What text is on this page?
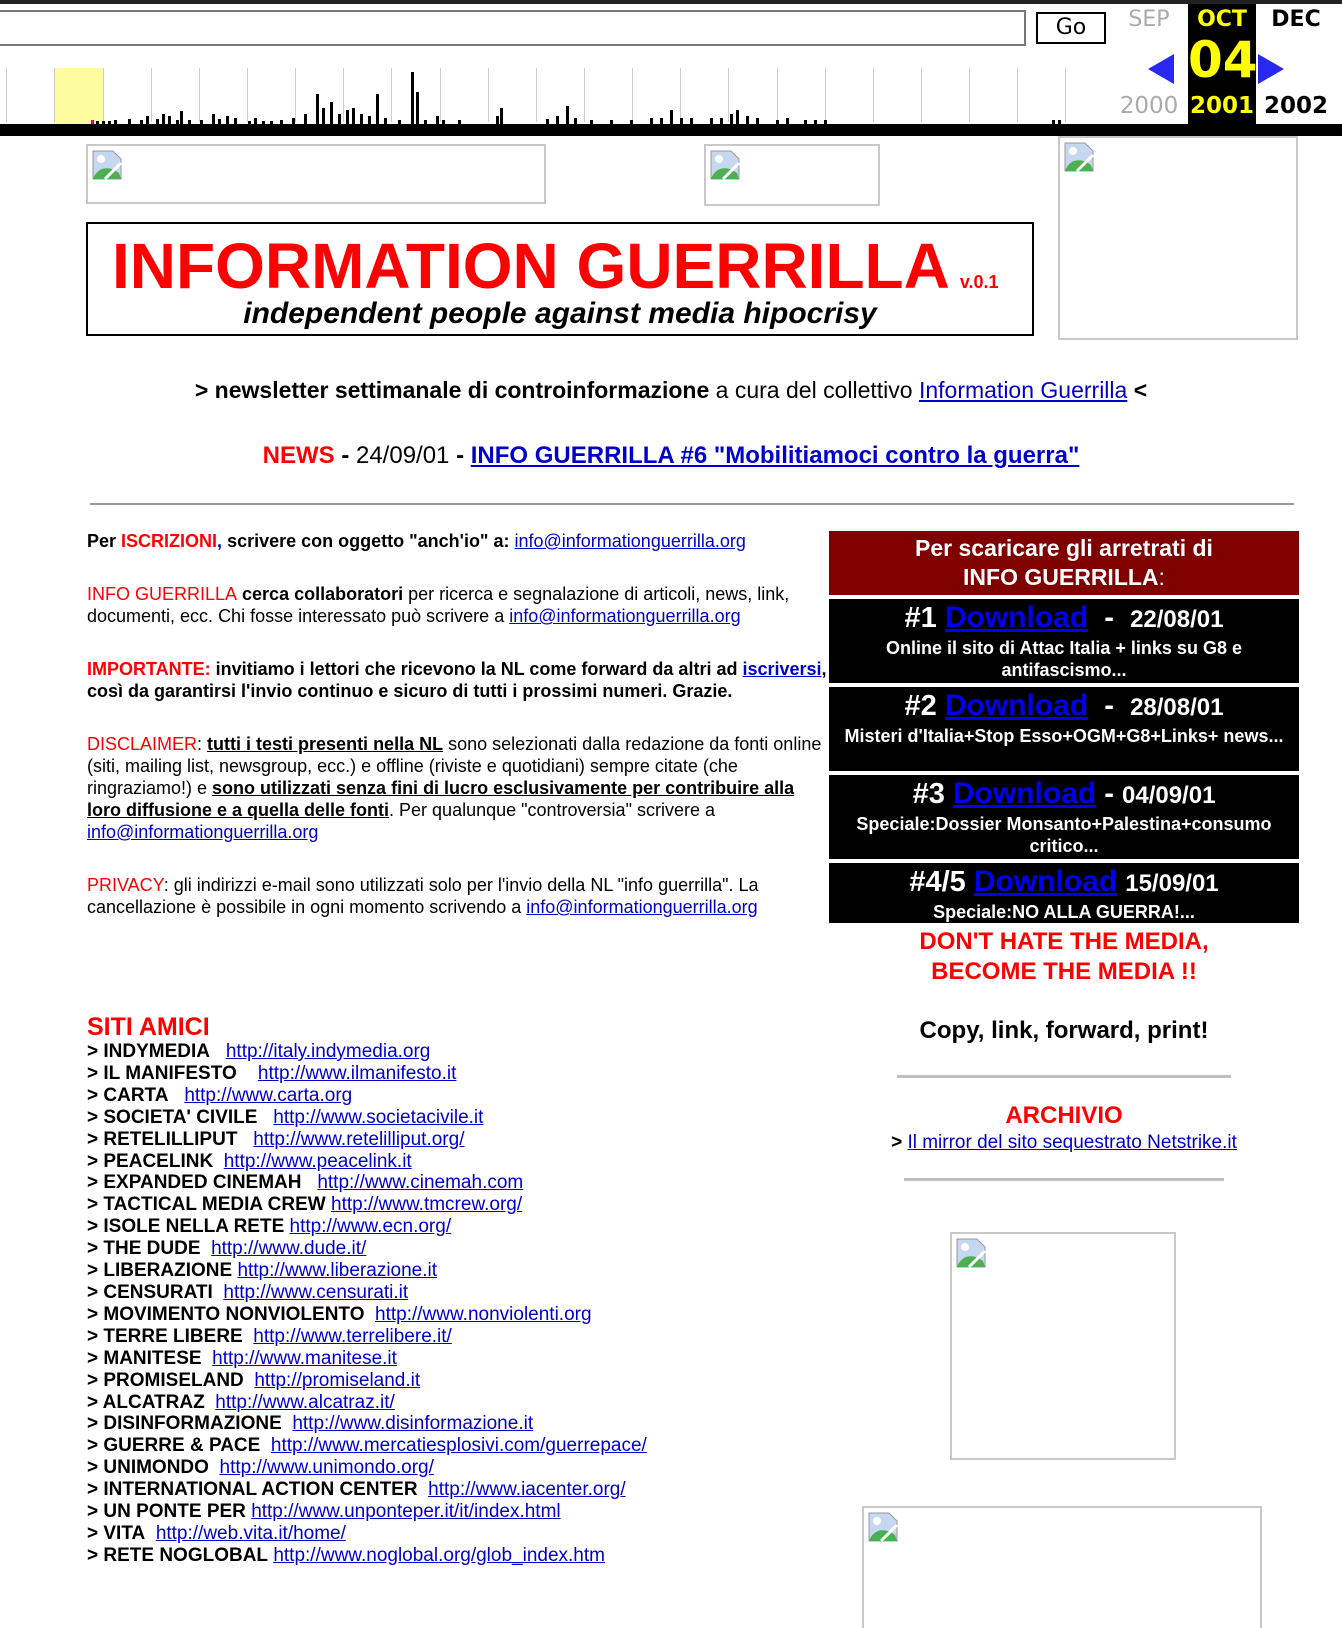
Go	SEP
2000
OCT
04
2001
DEC
2002
INFORMATION GUERRILLA v.0.1
independent people against media hipocrisy
> newsletter settimanale di controinformazione a cura del collettivo Information Guerrilla <
NEWS - 24/09/01 - INFO GUERRILLA #6 "Mobilitiamoci contro la guerra"

Per ISCRIZIONI, scrivere con oggetto "anch'io" a: info@informationguerrilla.org

INFO GUERRILLA cerca collaboratori per ricerca e segnalazione di articoli, news, link, documenti, ecc. Chi fosse interessato può scrivere a info@informationguerrilla.org

IMPORTANTE: invitiamo i lettori che ricevono la NL come forward da altri ad iscriversi, così da garantirsi l'invio continuo e sicuro di tutti i prossimi numeri. Grazie.

DISCLAIMER: tutti i testi presenti nella NL sono selezionati dalla redazione da fonti online (siti, mailing list, newsgroup, ecc.) e offline (riviste e quotidiani) sempre citate (che ringraziamo!) e sono utilizzati senza fini di lucro esclusivamente per contribuire alla loro diffusione e a quella delle fonti. Per qualunque "controversia" scrivere a info@informationguerrilla.org

PRIVACY: gli indirizzi e-mail sono utilizzati solo per l'invio della NL "info guerrilla". La cancellazione è possibile in ogni momento scrivendo a info@informationguerrilla.org

SITI AMICI
> INDYMEDIA http://italy.indymedia.org
> IL MANIFESTO http://www.ilmanifesto.it
> CARTA http://www.carta.org
> SOCIETA' CIVILE http://www.societacivile.it
> RETELILLIPUT http://www.retelilliput.org/
> PEACELINK http://www.peacelink.it
> EXPANDED CINEMAH http://www.cinemah.com
> TACTICAL MEDIA CREW http://www.tmcrew.org/
> ISOLE NELLA RETE http://www.ecn.org/
> THE DUDE http://www.dude.it/
> LIBERAZIONE http://www.liberazione.it
> CENSURATI http://www.censurati.it
> MOVIMENTO NONVIOLENTO http://www.nonviolenti.org
> TERRE LIBERE http://www.terrelibere.it/
> MANITESE http://www.manitese.it
> PROMISELAND http://promiseland.it
> ALCATRAZ http://www.alcatraz.it/
> DISINFORMAZIONE http://www.disinformazione.it
> GUERRE & PACE http://www.mercatiesplosivi.com/guerrepace/
> UNIMONDO http://www.unimondo.org/
> INTERNATIONAL ACTION CENTER http://www.iacenter.org/
> UN PONTE PER http://www.unponteper.it/it/index.html
> VITA http://web.vita.it/home/
> RETE NOGLOBAL http://www.noglobal.org/glob_index.htm
Per scaricare gli arretrati di
INFO GUERRILLA:
#1 Download  -  22/08/01
Online il sito di Attac Italia + links su G8 e antifascismo...
#2 Download  -  28/08/01
Misteri d'Italia+Stop Esso+OGM+G8+Links+ news...
#3 Download - 04/09/01
Speciale:Dossier Monsanto+Palestina+consumo critico...
#4/5 Download 15/09/01
Speciale:NO ALLA GUERRA!...
DON'T HATE THE MEDIA,
BECOME THE MEDIA !!
Copy, link, forward, print!
ARCHIVIO
> Il mirror del sito sequestrato Netstrike.it
